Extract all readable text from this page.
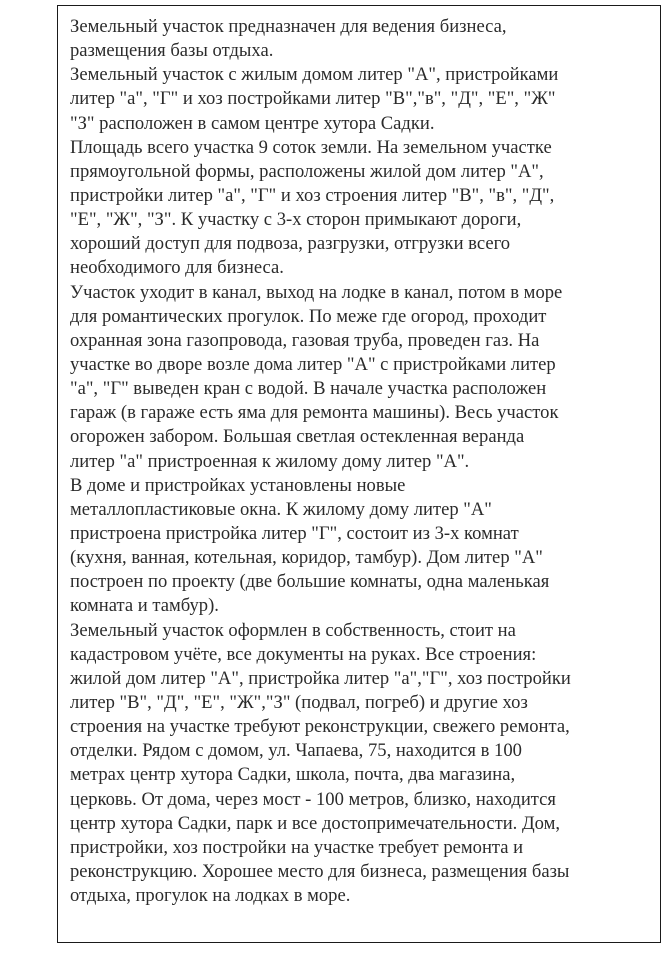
Земельный участок предназначен для ведения бизнеса,
размещения базы отдыха.
Земельный участок с жилым домом литер "А", пристройками
литер "а", "Г" и хоз постройками литер "В","в", "Д", "Е", "Ж"
"З" расположен в самом центре хутора Садки.
Площадь всего участка 9 соток земли. На земельном участке
прямоугольной формы, расположены жилой дом литер "А",
пристройки литер "а", "Г" и хоз строения литер "В", "в", "Д",
"Е", "Ж", "З". К участку с 3-х сторон примыкают дороги,
хороший доступ для подвоза, разгрузки, отгрузки всего
необходимого для бизнеса.
Участок уходит в канал, выход на лодке в канал, потом в море
для романтических прогулок. По меже где огород, проходит
охранная зона газопровода, газовая труба, проведен газ. На
участке во дворе возле дома литер "А" с пристройками литер
"а", "Г" выведен кран с водой. В начале участка расположен
гараж (в гараже есть яма для ремонта машины). Весь участок
огорожен забором. Большая светлая остекленная веранда
литер "а" пристроенная к жилому дому литер "А".
В доме и пристройках установлены новые
металлопластиковые окна. К жилому дому литер "А"
пристроена пристройка литер "Г", состоит из 3-х комнат
(кухня, ванная, котельная, коридор, тамбур). Дом литер "А"
построен по проекту (две большие комнаты, одна маленькая
комната и тамбур).
Земельный участок оформлен в собственность, стоит на
кадастровом учёте, все документы на руках. Все строения:
жилой дом литер "А", пристройка литер "а","Г", хоз постройки
литер "В", "Д", "Е", "Ж","З" (подвал, погреб) и другие хоз
строения на участке требуют реконструкции, свежего ремонта,
отделки. Рядом с домом, ул. Чапаева, 75, находится в 100
метрах центр хутора Садки, школа, почта, два магазина,
церковь. От дома, через мост - 100 метров, близко, находится
центр хутора Садки, парк и все достопримечательности. Дом,
пристройки, хоз постройки на участке требует ремонта и
реконструкцию. Хорошее место для бизнеса, размещения базы
отдыха, прогулок на лодках в море.
